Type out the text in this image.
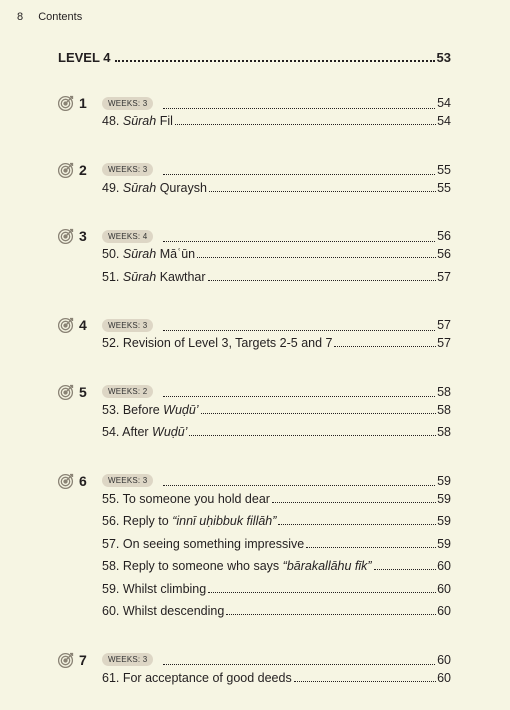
8 Contents
LEVEL 4	53
1	WEEKS: 3	54
48. Sūrah Fil	54
2	WEEKS: 3	55
49. Sūrah Quraysh	55
3	WEEKS: 4	56
50. Sūrah Māʿūn	56
51. Sūrah Kawthar	57
4	WEEKS: 3	57
52. Revision of Level 3, Targets 2-5 and 7	57
5	WEEKS: 2	58
53. Before Wuḍū’	58
54. After Wuḍū’	58
6	WEEKS: 3	59
55. To someone you hold dear	59
56. Reply to “innī uḥibbuk fillāh”	59
57. On seeing something impressive	59
58. Reply to someone who says “bārakallāhu fīk”	60
59. Whilst climbing	60
60. Whilst descending	60
7	WEEKS: 3	60
61. For acceptance of good deeds	60
